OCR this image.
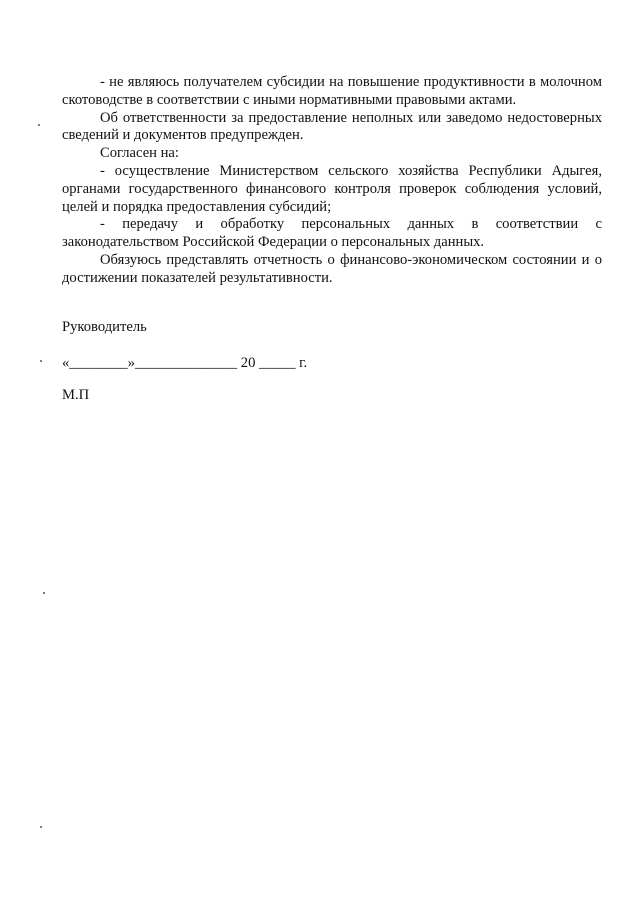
- не являюсь получателем субсидии на повышение продуктивности в молочном скотоводстве в соответствии с иными нормативными правовыми актами.

Об ответственности за предоставление неполных или заведомо недостоверных сведений и документов предупрежден.

Согласен на:

- осуществление Министерством сельского хозяйства Республики Адыгея, органами государственного финансового контроля проверок соблюдения условий, целей и порядка предоставления субсидий;

- передачу и обработку персональных данных в соответствии с законодательством Российской Федерации о персональных данных.

Обязуюсь представлять отчетность о финансово-экономическом состоянии и о достижении показателей результативности.

Руководитель

«________»______________ 20 _____ г.

М.П
